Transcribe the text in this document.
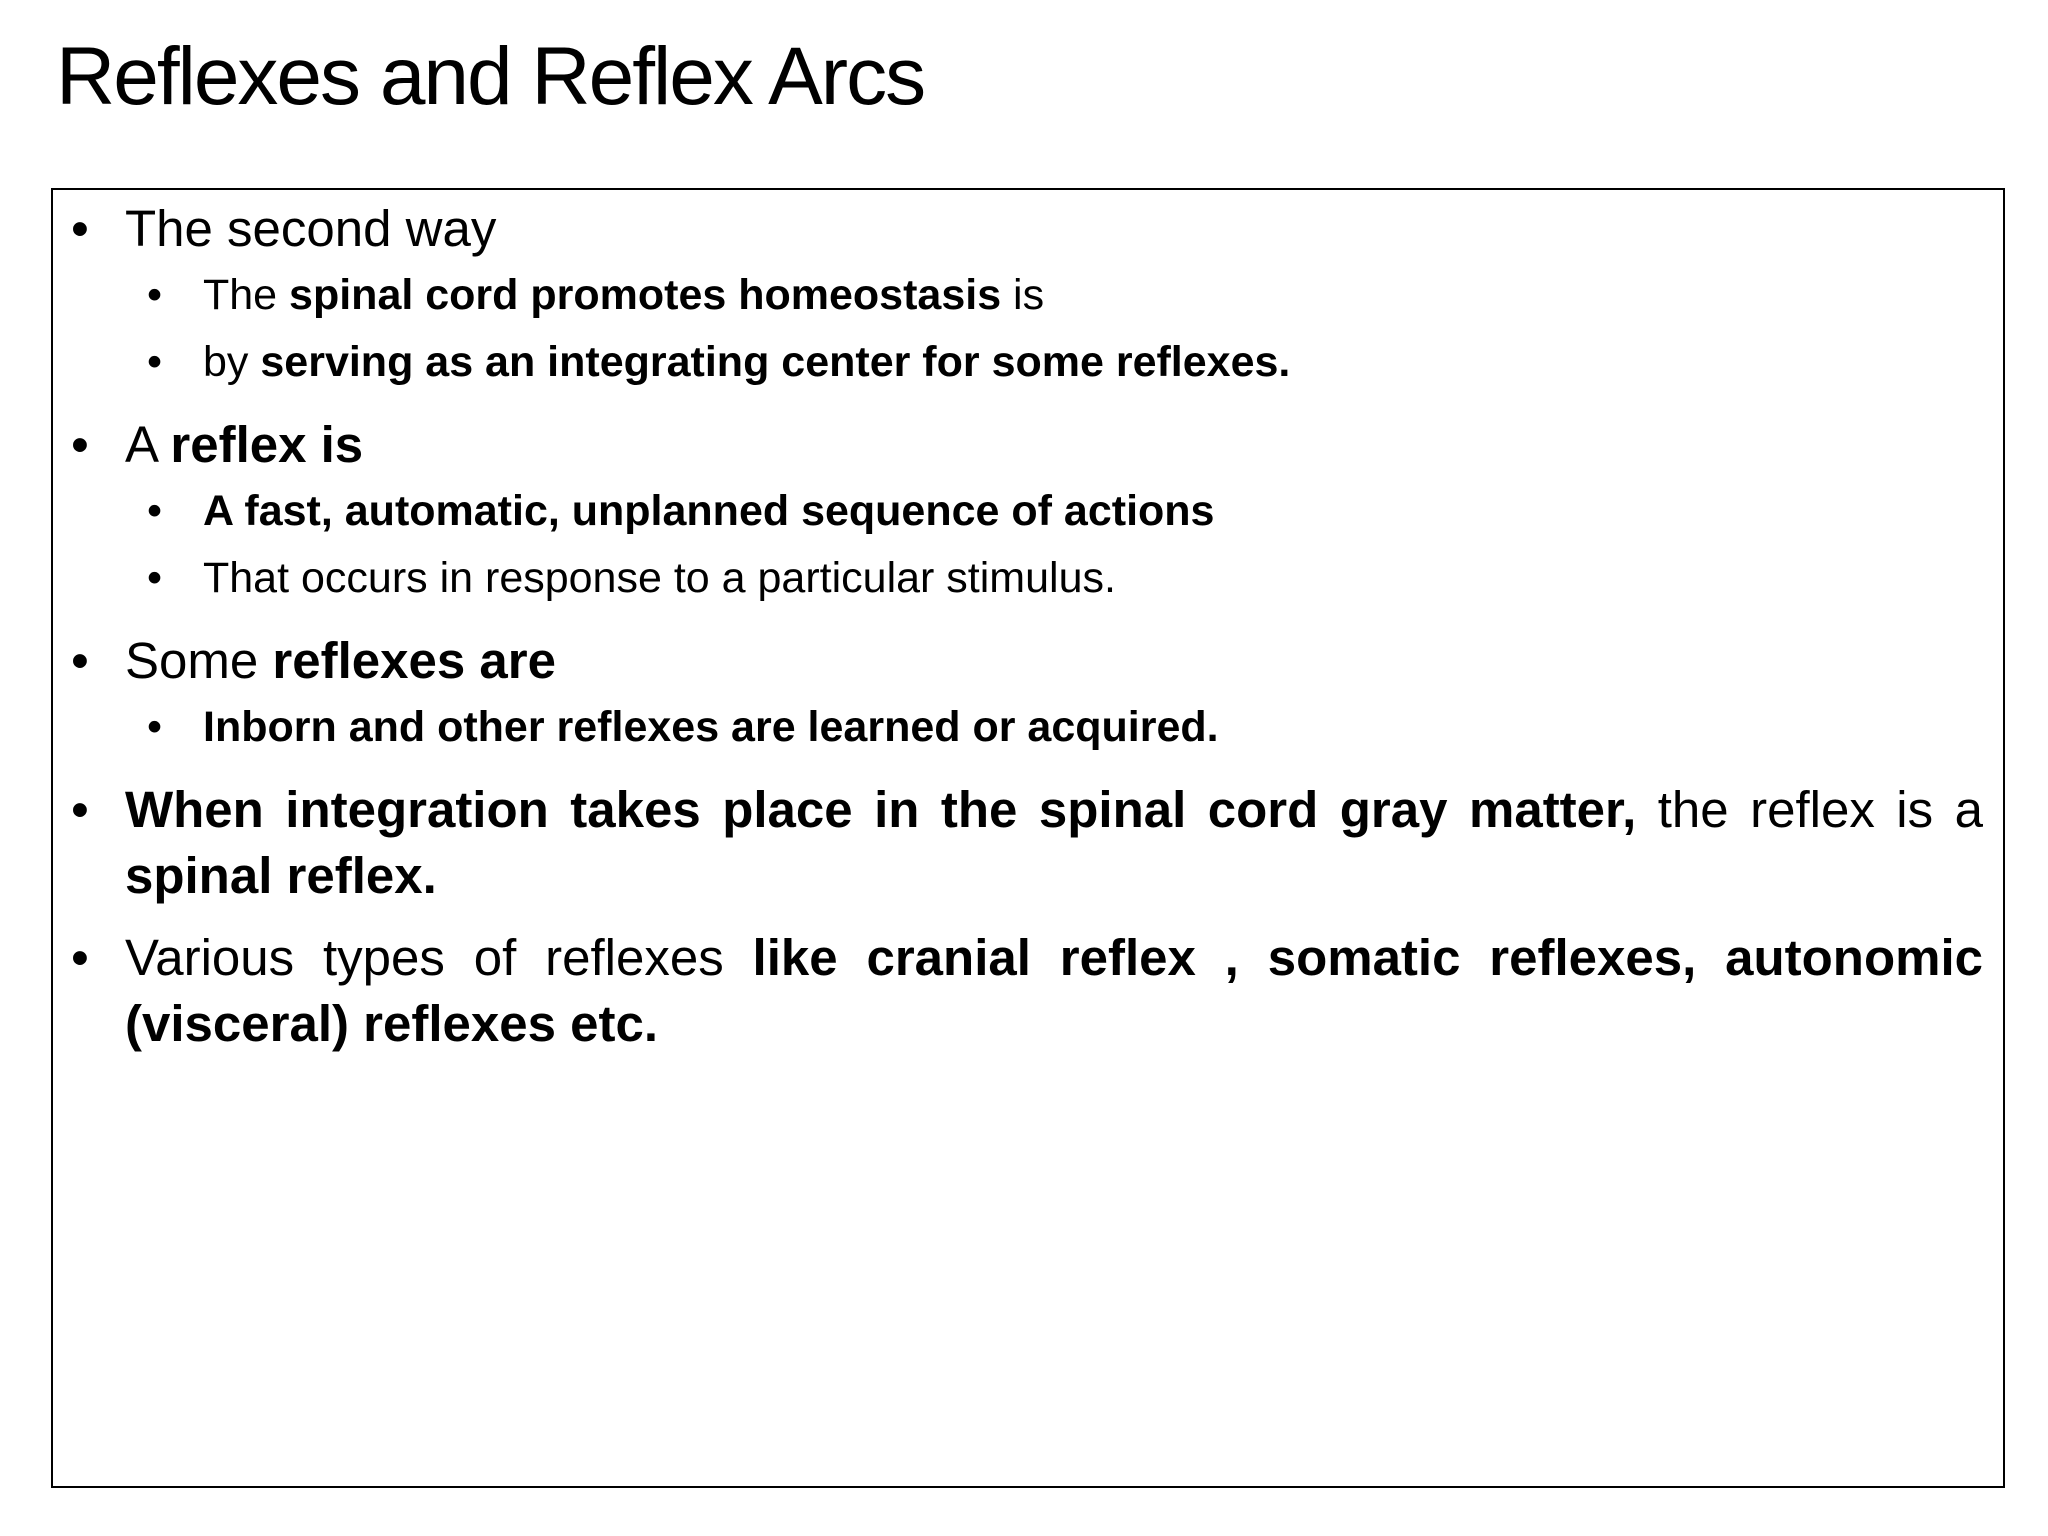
Reflexes and Reflex Arcs
• The second way
• The spinal cord promotes homeostasis is
• by serving as an integrating center for some reflexes.
• A reflex is
• A fast, automatic, unplanned sequence of actions
• That occurs in response to a particular stimulus.
• Some reflexes are
• Inborn and other reflexes are learned or acquired.
• When integration takes place in the spinal cord gray matter, the reflex is a spinal reflex.
• Various types of reflexes like cranial reflex , somatic reflexes, autonomic (visceral) reflexes etc.
